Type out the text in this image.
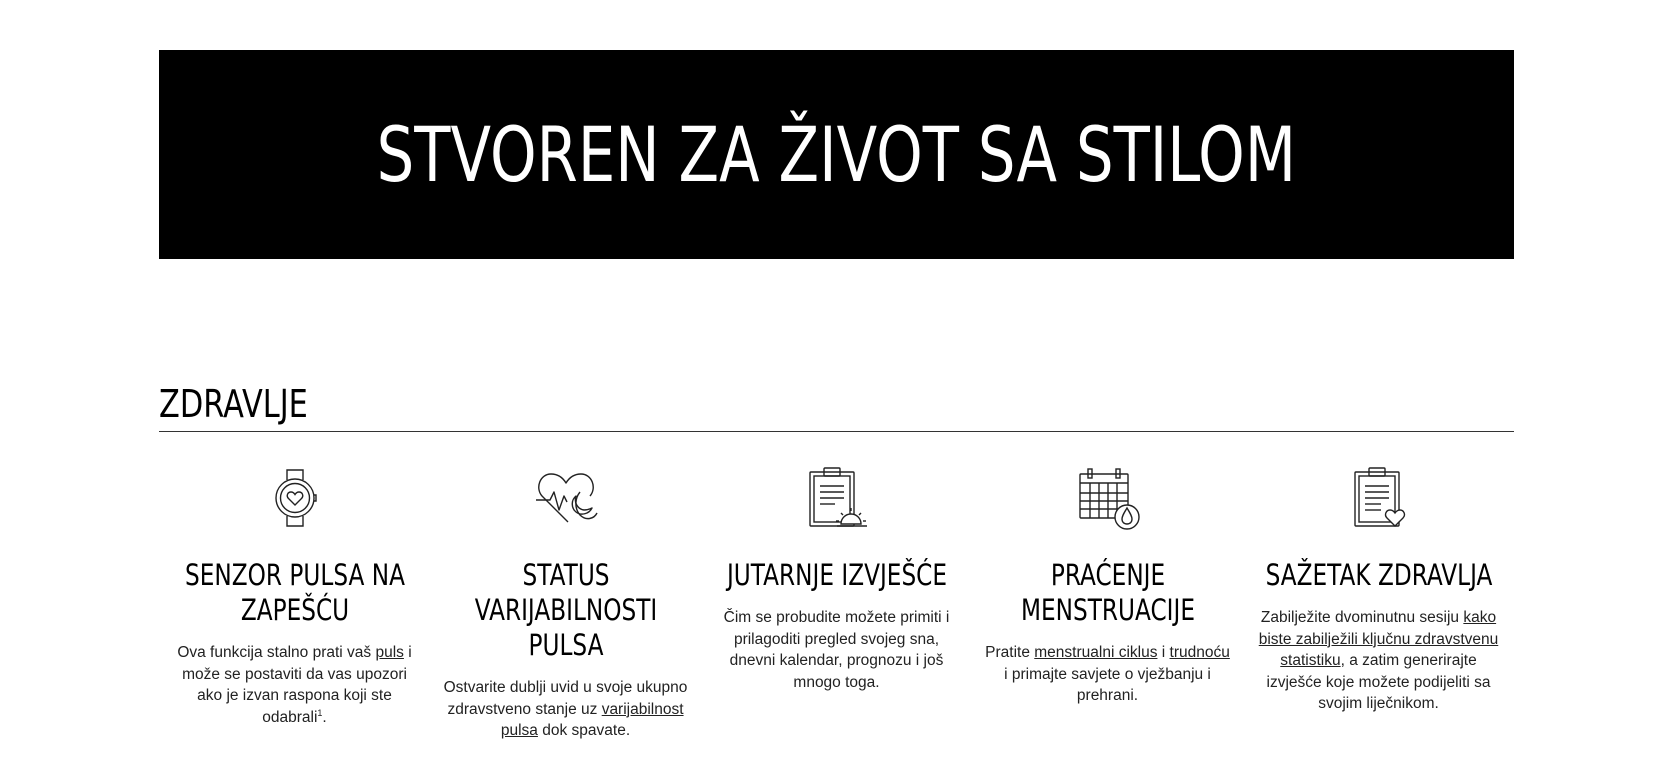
STVOREN ZA ŽIVOT SA STILOM
ZDRAVLJE
SENZOR PULSA NA ZAPEŠĆU

Ova funkcija stalno prati vaš puls i može se postaviti da vas upozori ako je izvan raspona koji ste odabrali$^1$.

STATUS VARIJABILNOSTI PULSA

Ostvarite dublji uvid u svoje ukupno zdravstveno stanje uz varijabilnost pulsa dok spavate.

JUTARNJE IZVJEŠĆE

Čim se probudite možete primiti i prilagoditi pregled svojeg sna, dnevni kalendar, prognozu i još mnogo toga.

PRAĆENJE MENSTRUACIJE

Pratite menstrualni ciklus i trudnoću i primajte savjete o vježbanju i prehrani.

SAŽETAK ZDRAVLJA

Zabilježite dvominutnu sesiju kako biste zabilježili ključnu zdravstvenu statistiku, a zatim generirajte izvješće koje možete podijeliti sa svojim liječnikom.
